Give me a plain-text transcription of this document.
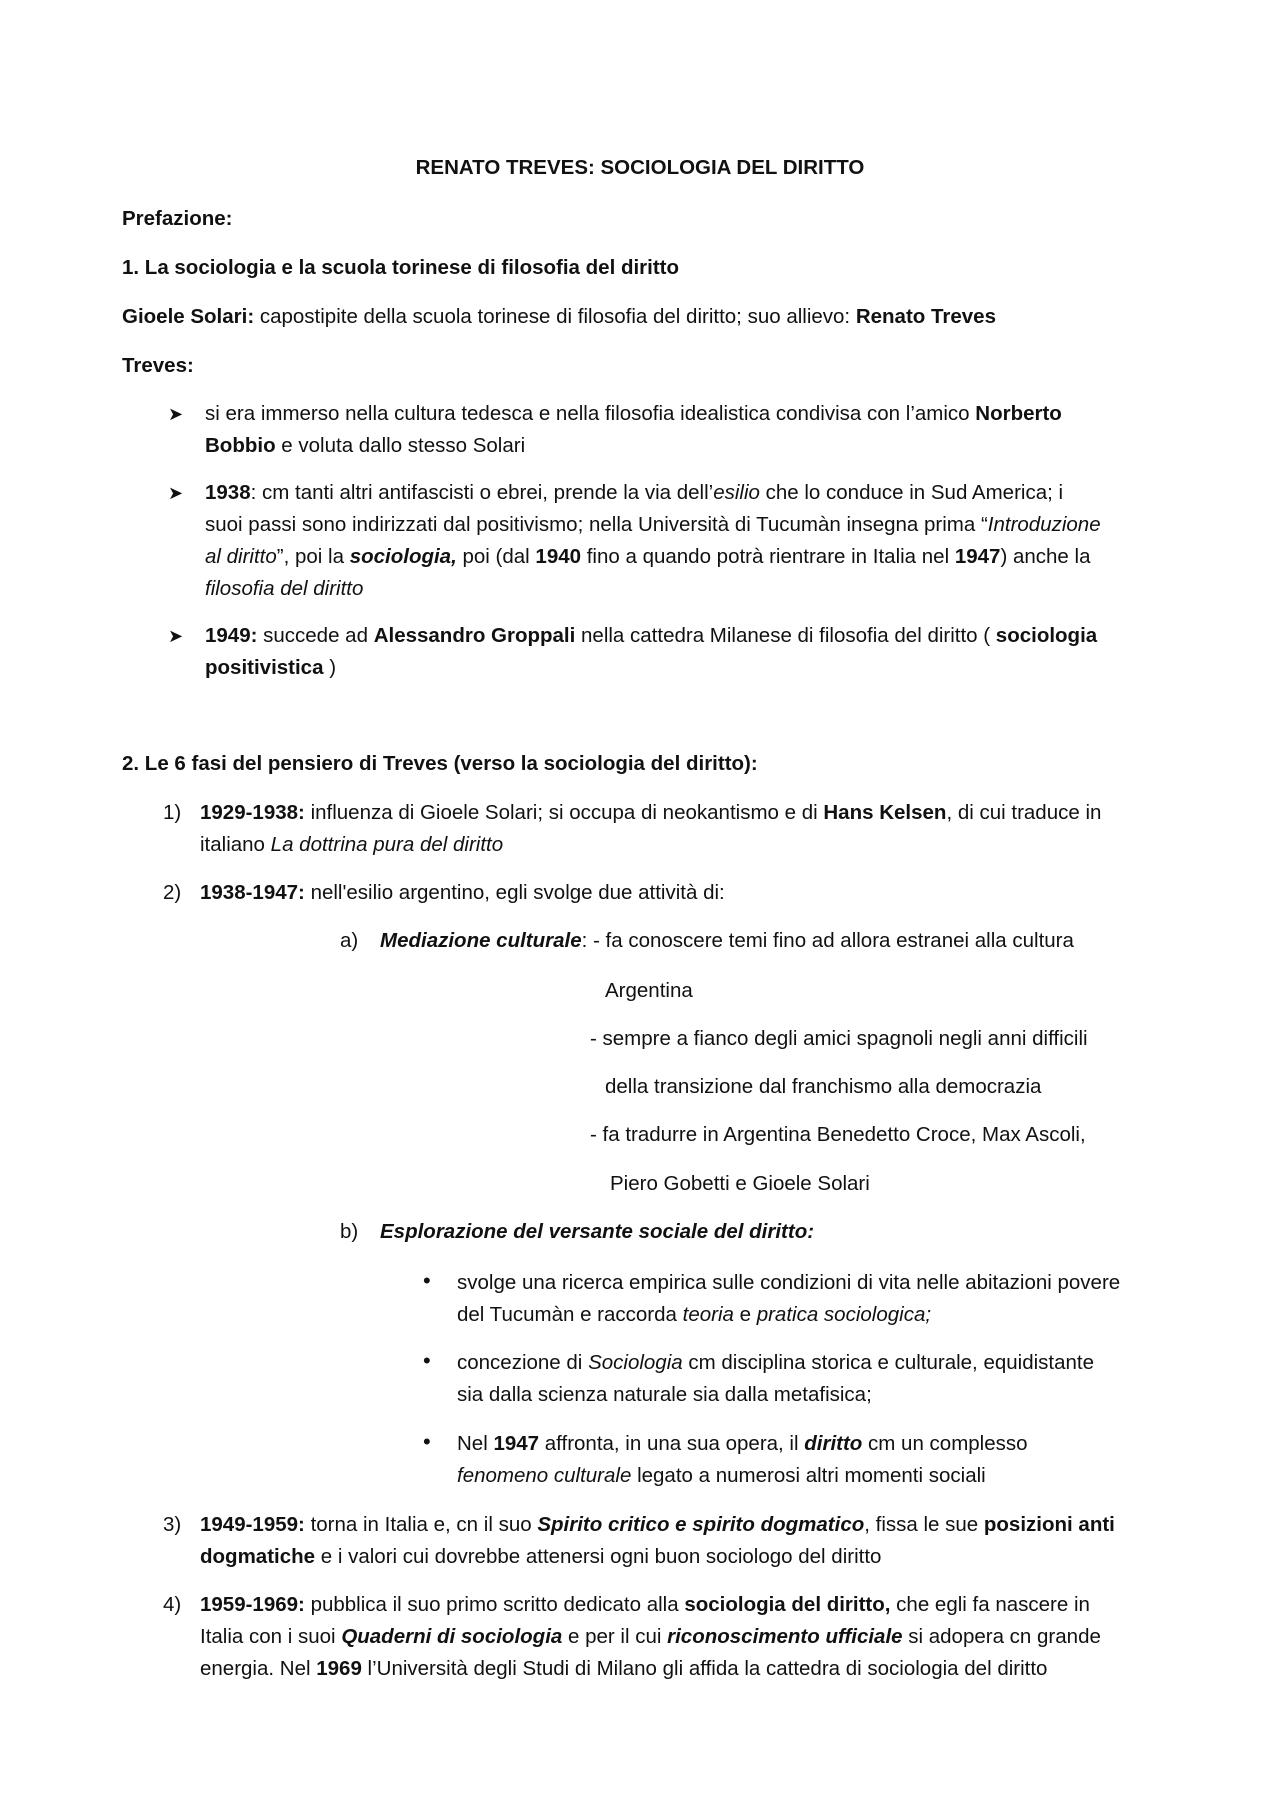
RENATO TREVES: SOCIOLOGIA DEL DIRITTO
Prefazione:
1. La sociologia e la scuola torinese di filosofia del diritto
Gioele Solari: capostipite della scuola torinese di filosofia del diritto; suo allievo: Renato Treves
Treves:
➤ si era immerso nella cultura tedesca e nella filosofia idealistica condivisa con l’amico Norberto
Bobbio e voluta dallo stesso Solari
➤ 1938: cm tanti altri antifascisti o ebrei, prende la via dell’esilio che lo conduce in Sud America; i
suoi passi sono indirizzati dal positivismo; nella Università di Tucumàn insegna prima “Introduzione
al diritto”, poi la sociologia, poi (dal 1940 fino a quando potrà rientrare in Italia nel 1947) anche la
filosofia del diritto
➤ 1949: succede ad Alessandro Groppali nella cattedra Milanese di filosofia del diritto ( sociologia
positivistica )
2. Le 6 fasi del pensiero di Treves (verso la sociologia del diritto):
1) 1929-1938: influenza di Gioele Solari; si occupa di neokantismo e di Hans Kelsen, di cui traduce in
italiano La dottrina pura del diritto
2) 1938-1947: nell'esilio argentino, egli svolge due attività di:
a) Mediazione culturale: - fa conoscere temi fino ad allora estranei alla cultura
Argentina
- sempre a fianco degli amici spagnoli negli anni difficili
della transizione dal franchismo alla democrazia
- fa tradurre in Argentina Benedetto Croce, Max Ascoli,
Piero Gobetti e Gioele Solari
b) Esplorazione del versante sociale del diritto:
• svolge una ricerca empirica sulle condizioni di vita nelle abitazioni povere
del Tucumàn e raccorda teoria e pratica sociologica;
• concezione di Sociologia cm disciplina storica e culturale, equidistante
sia dalla scienza naturale sia dalla metafisica;
• Nel 1947 affronta, in una sua opera, il diritto cm un complesso
fenomeno culturale legato a numerosi altri momenti sociali
3) 1949-1959: torna in Italia e, cn il suo Spirito critico e spirito dogmatico, fissa le sue posizioni anti
dogmatiche e i valori cui dovrebbe attenersi ogni buon sociologo del diritto
4) 1959-1969: pubblica il suo primo scritto dedicato alla sociologia del diritto, che egli fa nascere in
Italia con i suoi Quaderni di sociologia e per il cui riconoscimento ufficiale si adopera cn grande
energia. Nel 1969 l’Università degli Studi di Milano gli affida la cattedra di sociologia del diritto
